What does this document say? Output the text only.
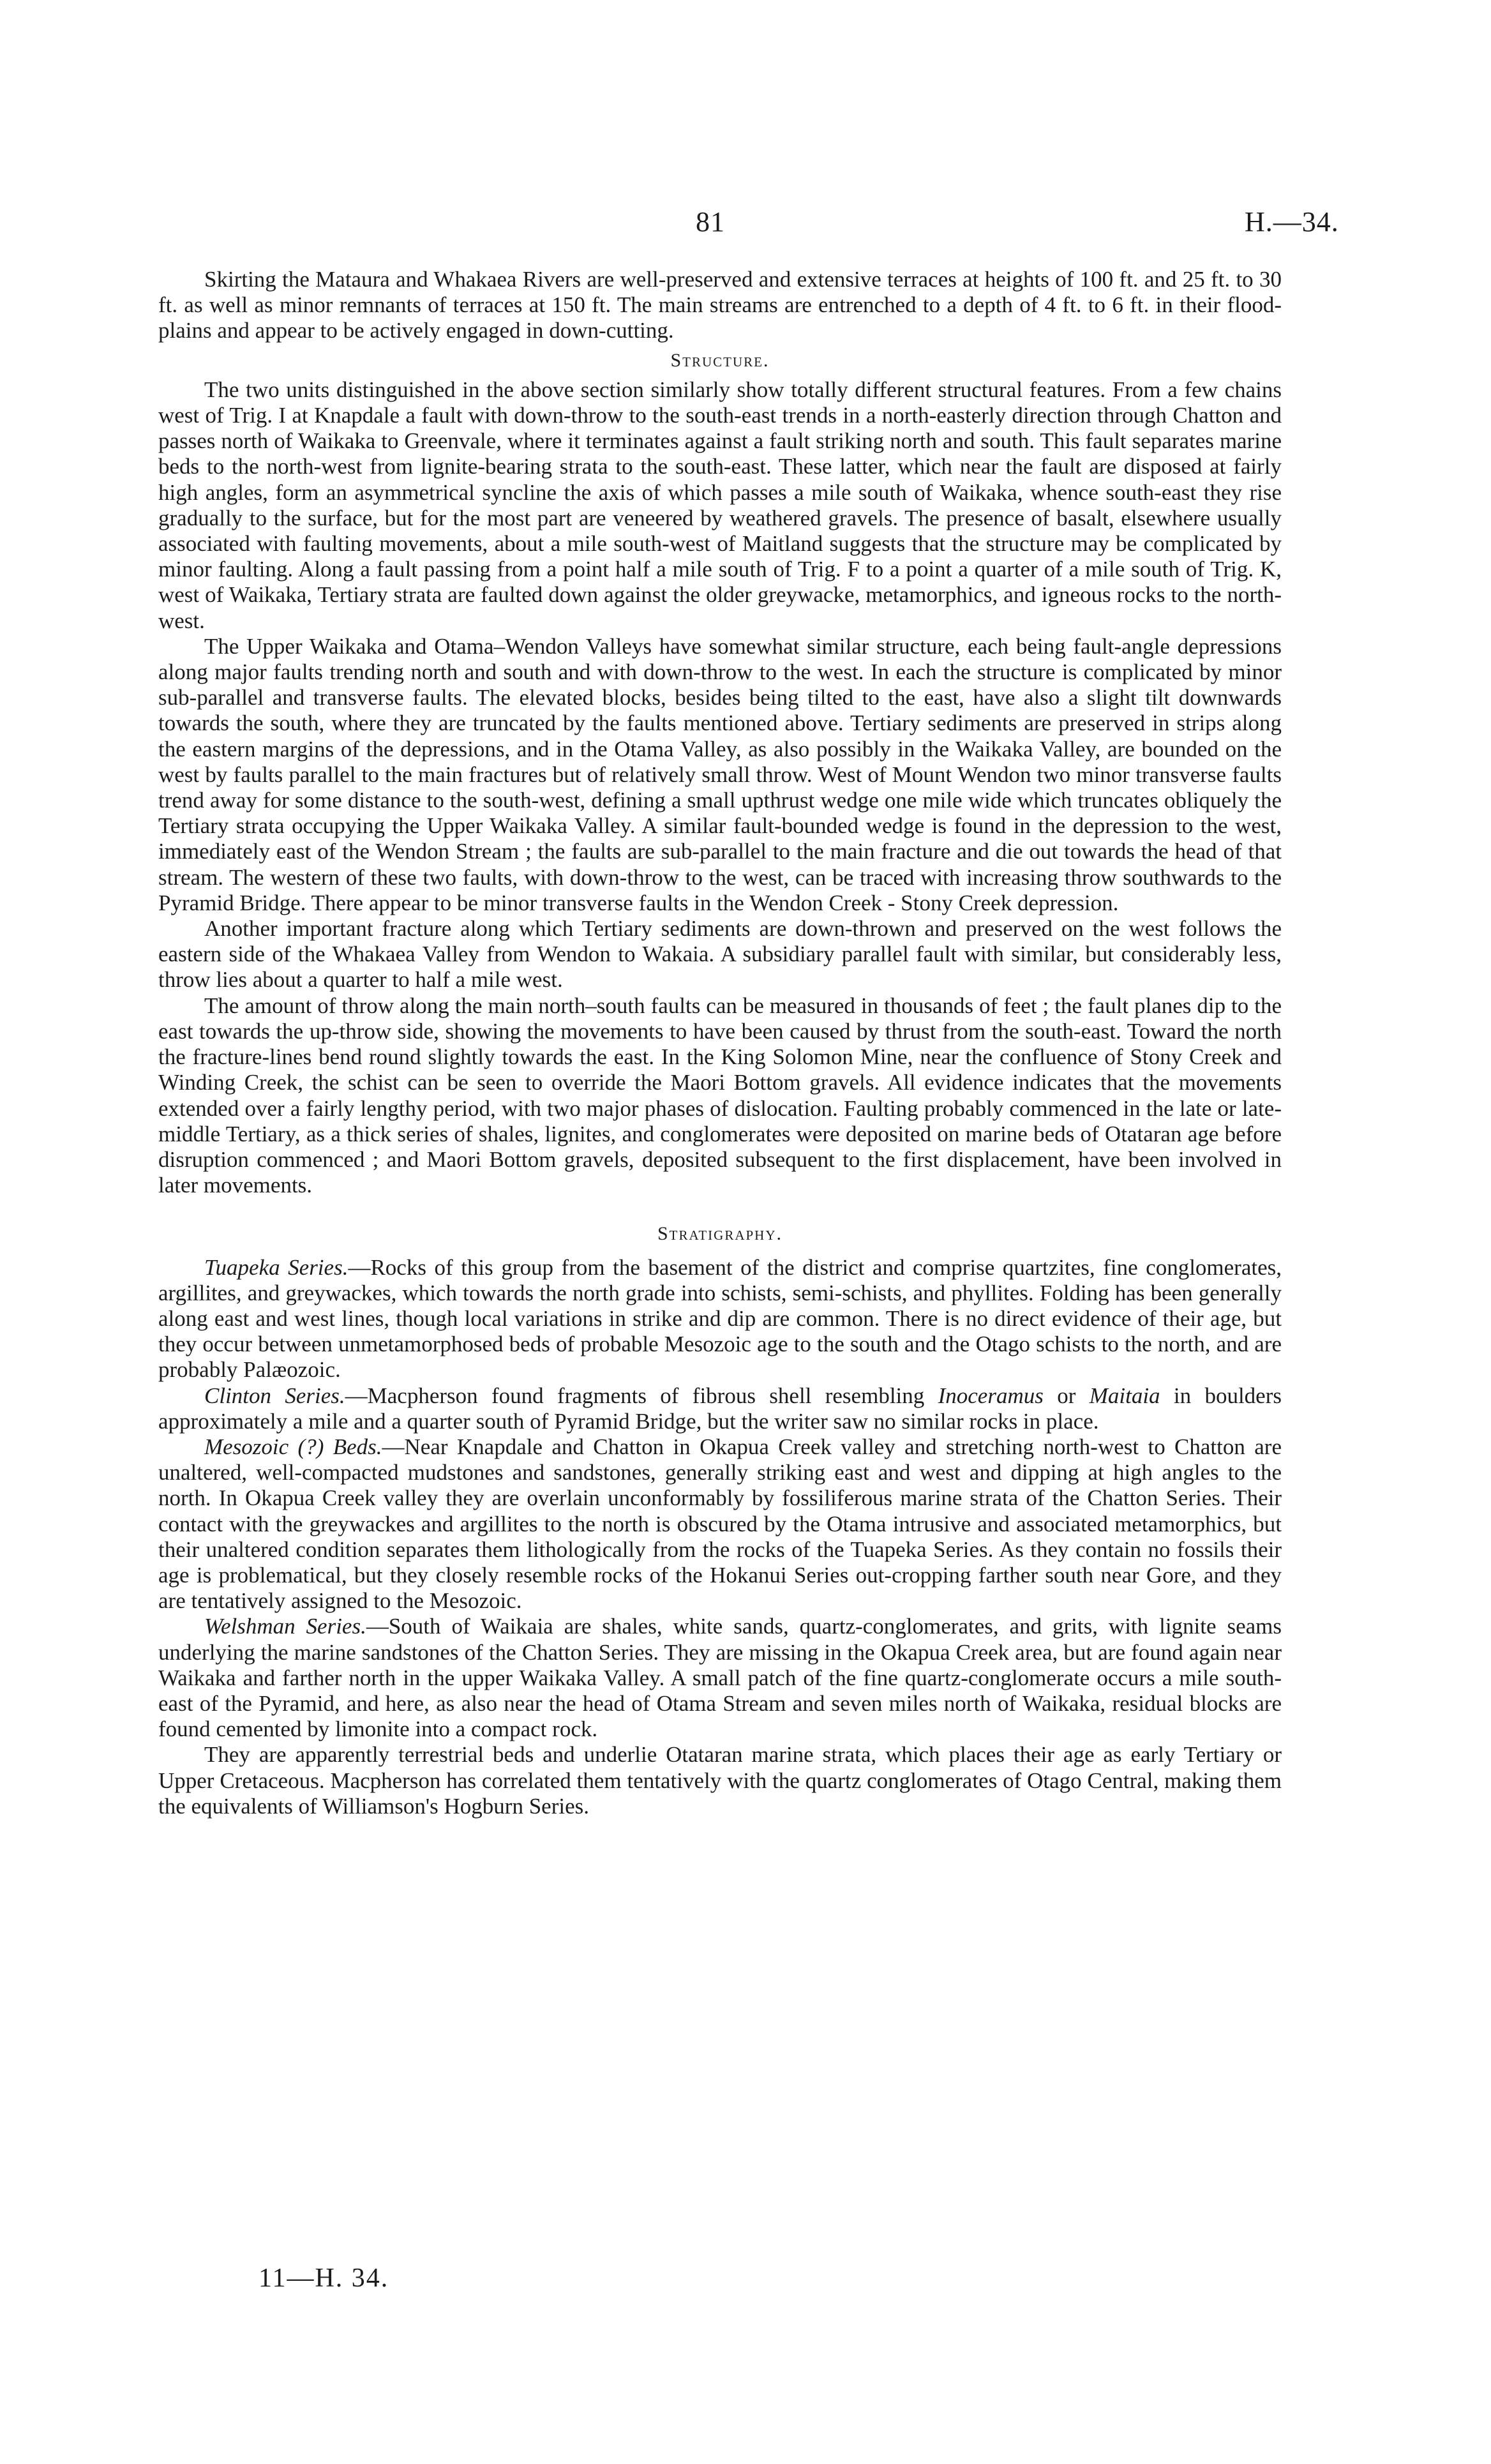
81	H.—34.

Skirting the Mataura and Whakaea Rivers are well-preserved and extensive terraces at heights of 100 ft. and 25 ft. to 30 ft. as well as minor remnants of terraces at 150 ft. The main streams are entrenched to a depth of 4 ft. to 6 ft. in their flood-plains and appear to be actively engaged in down-cutting.

Structure.

The two units distinguished in the above section similarly show totally different structural features. From a few chains west of Trig. I at Knapdale a fault with down-throw to the south-east trends in a north-easterly direction through Chatton and passes north of Waikaka to Greenvale, where it terminates against a fault striking north and south. This fault separates marine beds to the north-west from lignite-bearing strata to the south-east. These latter, which near the fault are disposed at fairly high angles, form an asymmetrical syncline the axis of which passes a mile south of Waikaka, whence south-east they rise gradually to the surface, but for the most part are veneered by weathered gravels. The presence of basalt, elsewhere usually associated with faulting movements, about a mile south-west of Maitland suggests that the structure may be complicated by minor faulting. Along a fault passing from a point half a mile south of Trig. F to a point a quarter of a mile south of Trig. K, west of Waikaka, Tertiary strata are faulted down against the older greywacke, metamorphics, and igneous rocks to the north-west.

The Upper Waikaka and Otama–Wendon Valleys have somewhat similar structure, each being fault-angle depressions along major faults trending north and south and with down-throw to the west. In each the structure is complicated by minor sub-parallel and transverse faults. The elevated blocks, besides being tilted to the east, have also a slight tilt downwards towards the south, where they are truncated by the faults mentioned above. Tertiary sediments are preserved in strips along the eastern margins of the depressions, and in the Otama Valley, as also possibly in the Waikaka Valley, are bounded on the west by faults parallel to the main fractures but of relatively small throw. West of Mount Wendon two minor transverse faults trend away for some distance to the south-west, defining a small upthrust wedge one mile wide which truncates obliquely the Tertiary strata occupying the Upper Waikaka Valley. A similar fault-bounded wedge is found in the depression to the west, immediately east of the Wendon Stream ; the faults are sub-parallel to the main fracture and die out towards the head of that stream. The western of these two faults, with down-throw to the west, can be traced with increasing throw southwards to the Pyramid Bridge. There appear to be minor transverse faults in the Wendon Creek - Stony Creek depression.

Another important fracture along which Tertiary sediments are down-thrown and preserved on the west follows the eastern side of the Whakaea Valley from Wendon to Wakaia. A subsidiary parallel fault with similar, but considerably less, throw lies about a quarter to half a mile west.

The amount of throw along the main north–south faults can be measured in thousands of feet ; the fault planes dip to the east towards the up-throw side, showing the movements to have been caused by thrust from the south-east. Toward the north the fracture-lines bend round slightly towards the east. In the King Solomon Mine, near the confluence of Stony Creek and Winding Creek, the schist can be seen to override the Maori Bottom gravels. All evidence indicates that the movements extended over a fairly lengthy period, with two major phases of dislocation. Faulting probably commenced in the late or late-middle Tertiary, as a thick series of shales, lignites, and conglomerates were deposited on marine beds of Otataran age before disruption commenced ; and Maori Bottom gravels, deposited subsequent to the first displacement, have been involved in later movements.

Stratigraphy.

Tuapeka Series.—Rocks of this group from the basement of the district and comprise quartzites, fine conglomerates, argillites, and greywackes, which towards the north grade into schists, semi-schists, and phyllites. Folding has been generally along east and west lines, though local variations in strike and dip are common. There is no direct evidence of their age, but they occur between unmetamorphosed beds of probable Mesozoic age to the south and the Otago schists to the north, and are probably Palæozoic.

Clinton Series.—Macpherson found fragments of fibrous shell resembling Inoceramus or Maitaia in boulders approximately a mile and a quarter south of Pyramid Bridge, but the writer saw no similar rocks in place.

Mesozoic (?) Beds.—Near Knapdale and Chatton in Okapua Creek valley and stretching north-west to Chatton are unaltered, well-compacted mudstones and sandstones, generally striking east and west and dipping at high angles to the north. In Okapua Creek valley they are overlain unconformably by fossiliferous marine strata of the Chatton Series. Their contact with the greywackes and argillites to the north is obscured by the Otama intrusive and associated metamorphics, but their unaltered condition separates them lithologically from the rocks of the Tuapeka Series. As they contain no fossils their age is problematical, but they closely resemble rocks of the Hokanui Series out-cropping farther south near Gore, and they are tentatively assigned to the Mesozoic.

Welshman Series.—South of Waikaia are shales, white sands, quartz-conglomerates, and grits, with lignite seams underlying the marine sandstones of the Chatton Series. They are missing in the Okapua Creek area, but are found again near Waikaka and farther north in the upper Waikaka Valley. A small patch of the fine quartz-conglomerate occurs a mile south-east of the Pyramid, and here, as also near the head of Otama Stream and seven miles north of Waikaka, residual blocks are found cemented by limonite into a compact rock.

They are apparently terrestrial beds and underlie Otataran marine strata, which places their age as early Tertiary or Upper Cretaceous. Macpherson has correlated them tentatively with the quartz conglomerates of Otago Central, making them the equivalents of Williamson's Hogburn Series.

11—H. 34.
